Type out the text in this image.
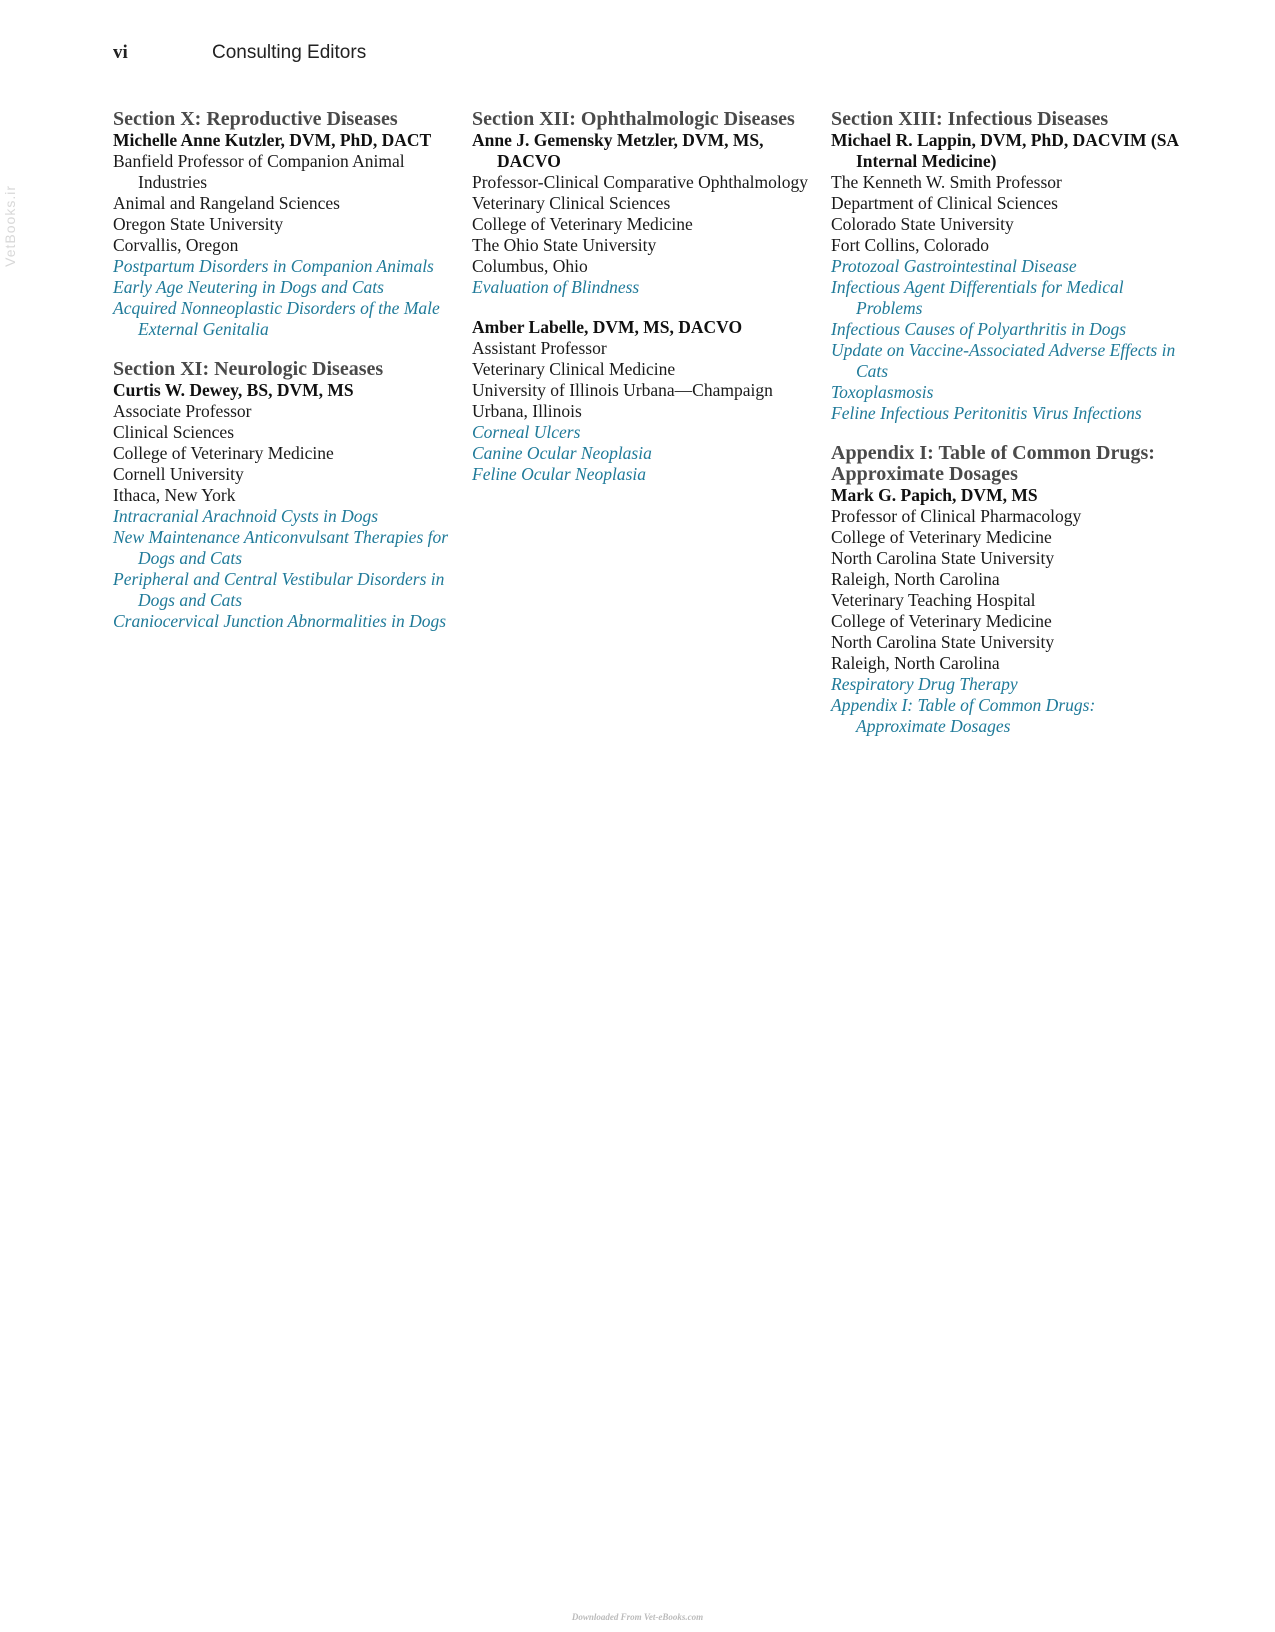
vi	Consulting Editors
VetBooks.ir
Section X: Reproductive Diseases
Michelle Anne Kutzler, DVM, PhD, DACT
Banfield Professor of Companion Animal Industries
Animal and Rangeland Sciences
Oregon State University
Corvallis, Oregon
Postpartum Disorders in Companion Animals
Early Age Neutering in Dogs and Cats
Acquired Nonneoplastic Disorders of the Male External Genitalia
Section XI: Neurologic Diseases
Curtis W. Dewey, BS, DVM, MS
Associate Professor
Clinical Sciences
College of Veterinary Medicine
Cornell University
Ithaca, New York
Intracranial Arachnoid Cysts in Dogs
New Maintenance Anticonvulsant Therapies for Dogs and Cats
Peripheral and Central Vestibular Disorders in Dogs and Cats
Craniocervical Junction Abnormalities in Dogs
Section XII: Ophthalmologic Diseases
Anne J. Gemensky Metzler, DVM, MS, DACVO
Professor-Clinical Comparative Ophthalmology
Veterinary Clinical Sciences
College of Veterinary Medicine
The Ohio State University
Columbus, Ohio
Evaluation of Blindness
Amber Labelle, DVM, MS, DACVO
Assistant Professor
Veterinary Clinical Medicine
University of Illinois Urbana—Champaign
Urbana, Illinois
Corneal Ulcers
Canine Ocular Neoplasia
Feline Ocular Neoplasia
Section XIII: Infectious Diseases
Michael R. Lappin, DVM, PhD, DACVIM (SA Internal Medicine)
The Kenneth W. Smith Professor
Department of Clinical Sciences
Colorado State University
Fort Collins, Colorado
Protozoal Gastrointestinal Disease
Infectious Agent Differentials for Medical Problems
Infectious Causes of Polyarthritis in Dogs
Update on Vaccine-Associated Adverse Effects in Cats
Toxoplasmosis
Feline Infectious Peritonitis Virus Infections
Appendix I: Table of Common Drugs: Approximate Dosages
Mark G. Papich, DVM, MS
Professor of Clinical Pharmacology
College of Veterinary Medicine
North Carolina State University
Raleigh, North Carolina
Veterinary Teaching Hospital
College of Veterinary Medicine
North Carolina State University
Raleigh, North Carolina
Respiratory Drug Therapy
Appendix I: Table of Common Drugs: Approximate Dosages
Downloaded From Vet-eBooks.com
